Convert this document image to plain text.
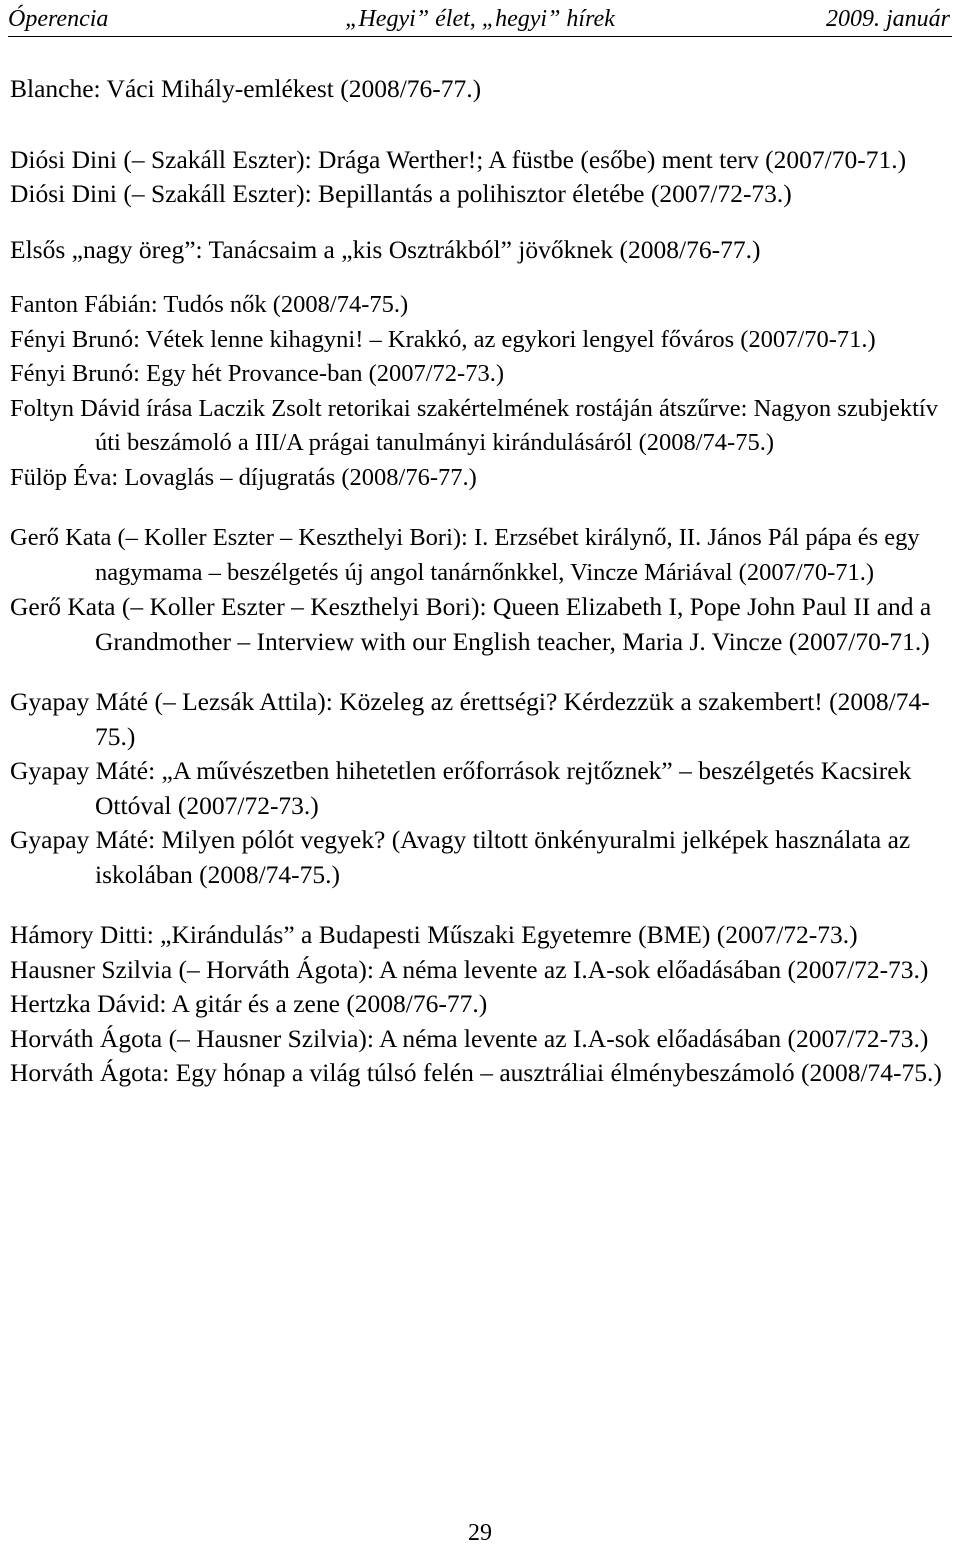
„Hegyi” élet, „hegyi” hírek
Óperencia	2009. január
Blanche: Váci Mihály-emlékest (2008/76-77.)
Diósi Dini (– Szakáll Eszter): Drága Werther!; A füstbe (esőbe) ment terv (2007/70-71.)
Diósi Dini (– Szakáll Eszter): Bepillantás a polihisztor életébe (2007/72-73.)
Elsős „nagy öreg”: Tanácsaim a „kis Osztrákból” jövőknek (2008/76-77.)
Fanton Fábián: Tudós nők (2008/74-75.)
Fényi Brunó: Vétek lenne kihagyni! – Krakkó, az egykori lengyel főváros (2007/70-71.)
Fényi Brunó: Egy hét Provance-ban (2007/72-73.)
Foltyn Dávid írása Laczik Zsolt retorikai szakértelmének rostáján átszűrve: Nagyon szubjektív úti beszámoló a III/A prágai tanulmányi kirándulásáról (2008/74-75.)
Fülöp Éva: Lovaglás – díjugratás (2008/76-77.)
Gerő Kata (– Koller Eszter – Keszthelyi Bori): I. Erzsébet királynő, II. János Pál pápa és egy nagymama – beszélgetés új angol tanárnőnkkel, Vincze Máriával (2007/70-71.)
Gerő Kata (– Koller Eszter – Keszthelyi Bori): Queen Elizabeth I, Pope John Paul II and a Grandmother – Interview with our English teacher, Maria J. Vincze (2007/70-71.)
Gyapay Máté (– Lezsák Attila): Közeleg az érettségi? Kérdezzük a szakembert! (2008/74-75.)
Gyapay Máté: „A művészetben hihetetlen erőforrások rejtőznek” – beszélgetés Kacsirek Ottóval (2007/72-73.)
Gyapay Máté: Milyen pólót vegyek? (Avagy tiltott önkényuralmi jelképek használata az iskolában (2008/74-75.)
Hámory Ditti: „Kirándulás” a Budapesti Műszaki Egyetemre (BME) (2007/72-73.)
Hausner Szilvia (– Horváth Ágota): A néma levente az I.A-sok előadásában (2007/72-73.)
Hertzka Dávid: A gitár és a zene (2008/76-77.)
Horváth Ágota (– Hausner Szilvia): A néma levente az I.A-sok előadásában (2007/72-73.)
Horváth Ágota: Egy hónap a világ túlsó felén – ausztráliai élménybeszámoló (2008/74-75.)
29
